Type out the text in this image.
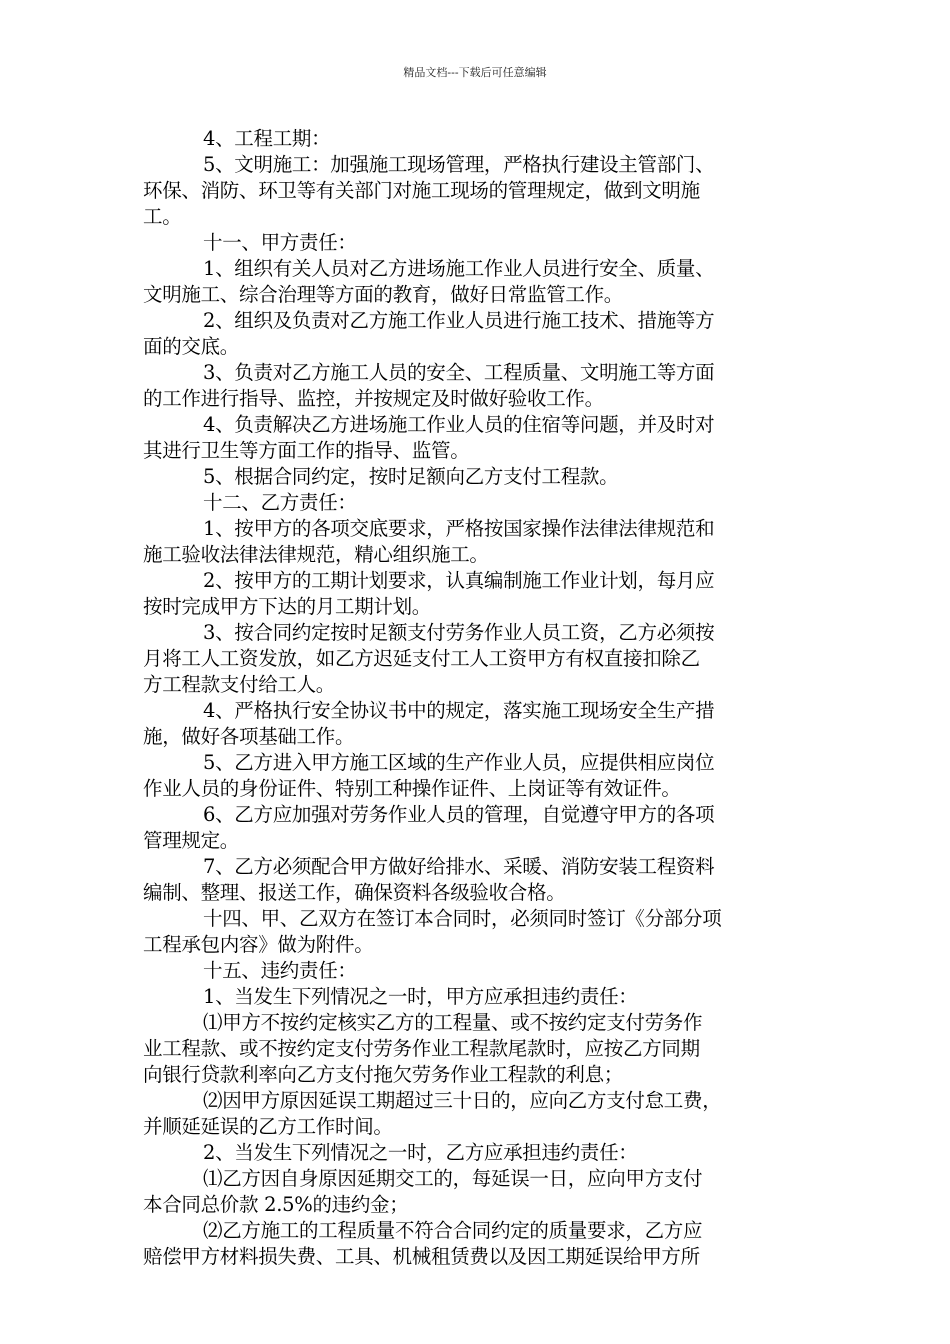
精品文档---下载后可任意编辑
4、工程工期：
5、文明施工：加强施工现场管理，严格执行建设主管部门、
环保、消防、环卫等有关部门对施工现场的管理规定，做到文明施
工。
十一、甲方责任：
1、组织有关人员对乙方进场施工作业人员进行安全、质量、
文明施工、综合治理等方面的教育，做好日常监管工作。
2、组织及负责对乙方施工作业人员进行施工技术、措施等方
面的交底。
3、负责对乙方施工人员的安全、工程质量、文明施工等方面
的工作进行指导、监控，并按规定及时做好验收工作。
4、负责解决乙方进场施工作业人员的住宿等问题，并及时对
其进行卫生等方面工作的指导、监管。
5、根据合同约定，按时足额向乙方支付工程款。
十二、乙方责任：
1、按甲方的各项交底要求，严格按国家操作法律法律规范和
施工验收法律法律规范，精心组织施工。
2、按甲方的工期计划要求，认真编制施工作业计划，每月应
按时完成甲方下达的月工期计划。
3、按合同约定按时足额支付劳务作业人员工资，乙方必须按
月将工人工资发放，如乙方迟延支付工人工资甲方有权直接扣除乙
方工程款支付给工人。
4、严格执行安全协议书中的规定，落实施工现场安全生产措
施，做好各项基础工作。
5、乙方进入甲方施工区域的生产作业人员，应提供相应岗位
作业人员的身份证件、特别工种操作证件、上岗证等有效证件。
6、乙方应加强对劳务作业人员的管理，自觉遵守甲方的各项
管理规定。
7、乙方必须配合甲方做好给排水、采暖、消防安装工程资料
编制、整理、报送工作，确保资料各级验收合格。
十四、甲、乙双方在签订本合同时，必须同时签订《分部分项
工程承包内容》做为附件。
十五、违约责任：
1、当发生下列情况之一时，甲方应承担违约责任：
⑴甲方不按约定核实乙方的工程量、或不按约定支付劳务作
业工程款、或不按约定支付劳务作业工程款尾款时，应按乙方同期
向银行贷款利率向乙方支付拖欠劳务作业工程款的利息；
⑵因甲方原因延误工期超过三十日的，应向乙方支付怠工费，
并顺延延误的乙方工作时间。
2、当发生下列情况之一时，乙方应承担违约责任：
⑴乙方因自身原因延期交工的，每延误一日，应向甲方支付
本合同总价款 2.5%的违约金；
⑵乙方施工的工程质量不符合合同约定的质量要求，乙方应
赔偿甲方材料损失费、工具、机械租赁费以及因工期延误给甲方所
